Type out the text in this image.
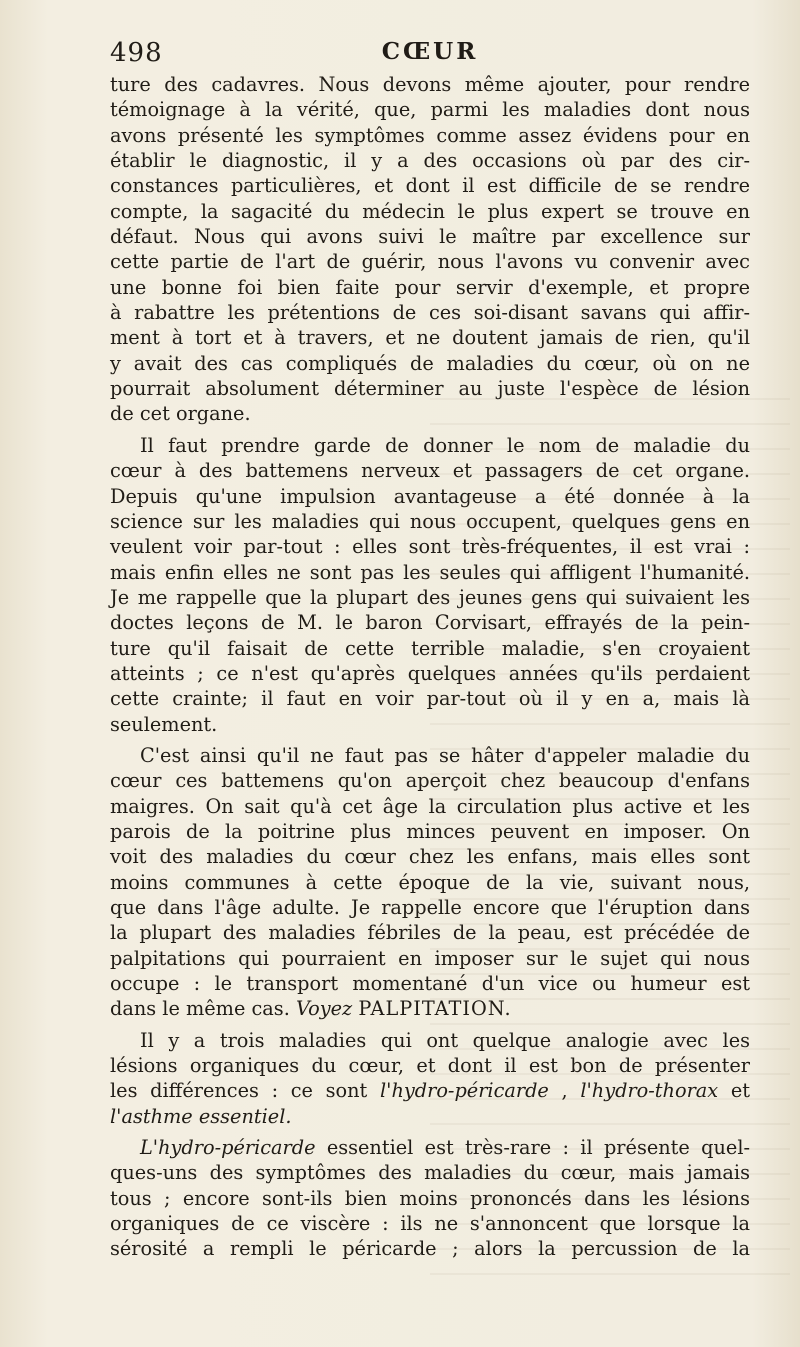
498	CŒUR
ture des cadavres. Nous devons même ajouter, pour rendre
témoignage à la vérité, que, parmi les maladies dont nous
avons présenté les symptômes comme assez évidens pour en
établir le diagnostic, il y a des occasions où par des cir-
constances particulières, et dont il est difficile de se rendre
compte, la sagacité du médecin le plus expert se trouve en
défaut. Nous qui avons suivi le maître par excellence sur
cette partie de l'art de guérir, nous l'avons vu convenir avec
une bonne foi bien faite pour servir d'exemple, et propre
à rabattre les prétentions de ces soi-disant savans qui affir-
ment à tort et à travers, et ne doutent jamais de rien, qu'il
y avait des cas compliqués de maladies du cœur, où on ne
pourrait absolument déterminer au juste l'espèce de lésion
de cet organe.
Il faut prendre garde de donner le nom de maladie du
cœur à des battemens nerveux et passagers de cet organe.
Depuis qu'une impulsion avantageuse a été donnée à la
science sur les maladies qui nous occupent, quelques gens en
veulent voir par-tout : elles sont très-fréquentes, il est vrai :
mais enfin elles ne sont pas les seules qui affligent l'humanité.
Je me rappelle que la plupart des jeunes gens qui suivaient les
doctes leçons de M. le baron Corvisart, effrayés de la pein-
ture qu'il faisait de cette terrible maladie, s'en croyaient
atteints ; ce n'est qu'après quelques années qu'ils perdaient
cette crainte; il faut en voir par-tout où il y en a, mais là
seulement.
C'est ainsi qu'il ne faut pas se hâter d'appeler maladie du
cœur ces battemens qu'on aperçoit chez beaucoup d'enfans
maigres. On sait qu'à cet âge la circulation plus active et les
parois de la poitrine plus minces peuvent en imposer. On
voit des maladies du cœur chez les enfans, mais elles sont
moins communes à cette époque de la vie, suivant nous,
que dans l'âge adulte. Je rappelle encore que l'éruption dans
la plupart des maladies fébriles de la peau, est précédée de
palpitations qui pourraient en imposer sur le sujet qui nous
occupe : le transport momentané d'un vice ou humeur est
dans le même cas. Voyez PALPITATION.
Il y a trois maladies qui ont quelque analogie avec les
lésions organiques du cœur, et dont il est bon de présenter
les différences : ce sont l'hydro-péricarde , l'hydro-thorax et
l'asthme essentiel.
L'hydro-péricarde essentiel est très-rare : il présente quel-
ques-uns des symptômes des maladies du cœur, mais jamais
tous ; encore sont-ils bien moins prononcés dans les lésions
organiques de ce viscère : ils ne s'annoncent que lorsque la
sérosité a rempli le péricarde ; alors la percussion de la
